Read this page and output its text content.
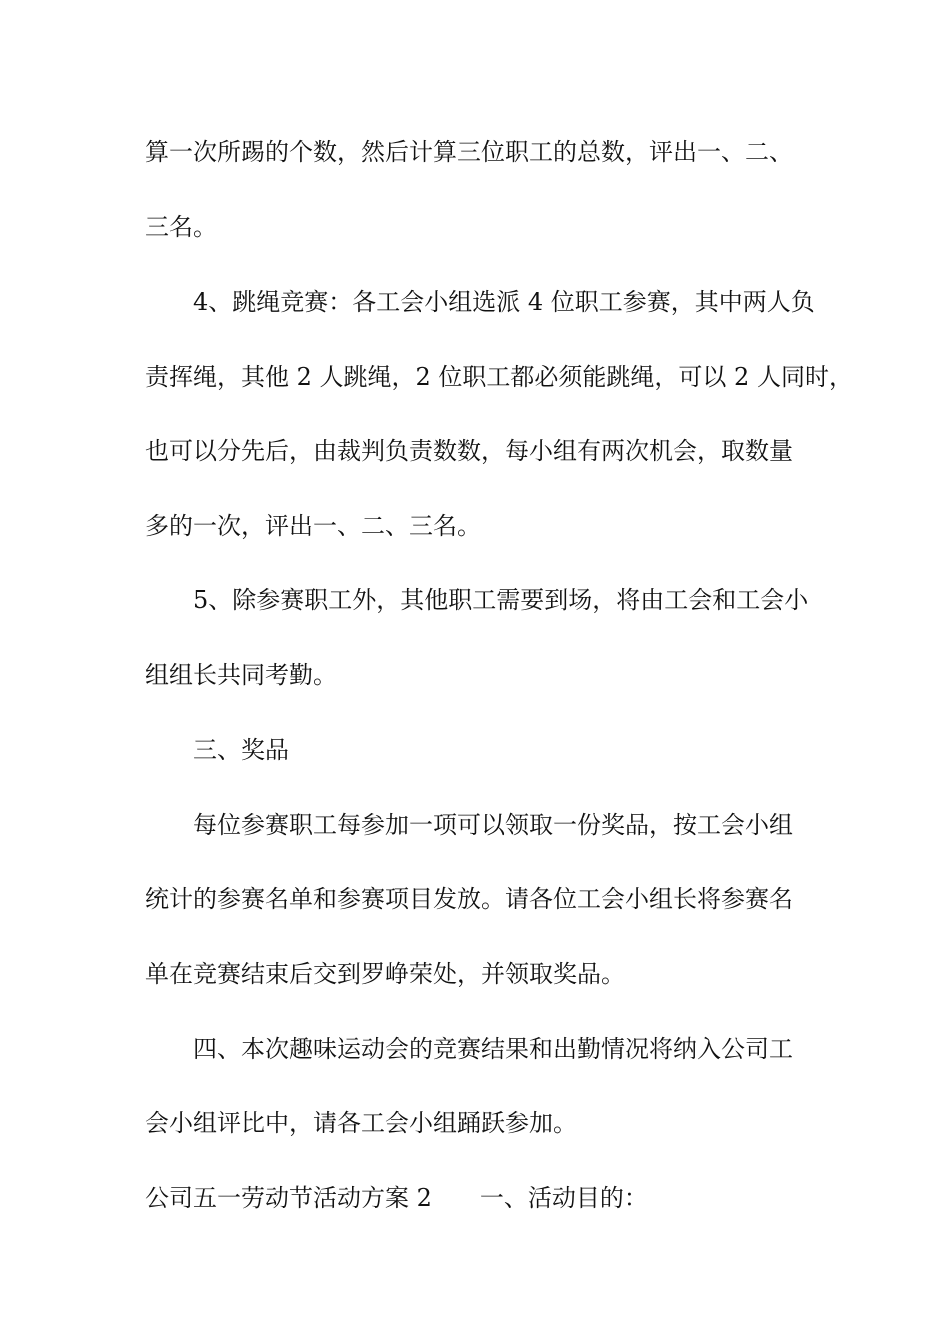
算一次所踢的个数，然后计算三位职工的总数，评出一、二、
三名。
4、跳绳竞赛：各工会小组选派 4 位职工参赛，其中两人负
责挥绳，其他 2 人跳绳，2 位职工都必须能跳绳，可以 2 人同时，
也可以分先后，由裁判负责数数，每小组有两次机会，取数量
多的一次，评出一、二、三名。
5、除参赛职工外，其他职工需要到场，将由工会和工会小
组组长共同考勤。
三、奖品
每位参赛职工每参加一项可以领取一份奖品，按工会小组
统计的参赛名单和参赛项目发放。请各位工会小组长将参赛名
单在竞赛结束后交到罗峥荣处，并领取奖品。
四、本次趣味运动会的竞赛结果和出勤情况将纳入公司工
会小组评比中，请各工会小组踊跃参加。
公司五一劳动节活动方案 2　　一、活动目的：
